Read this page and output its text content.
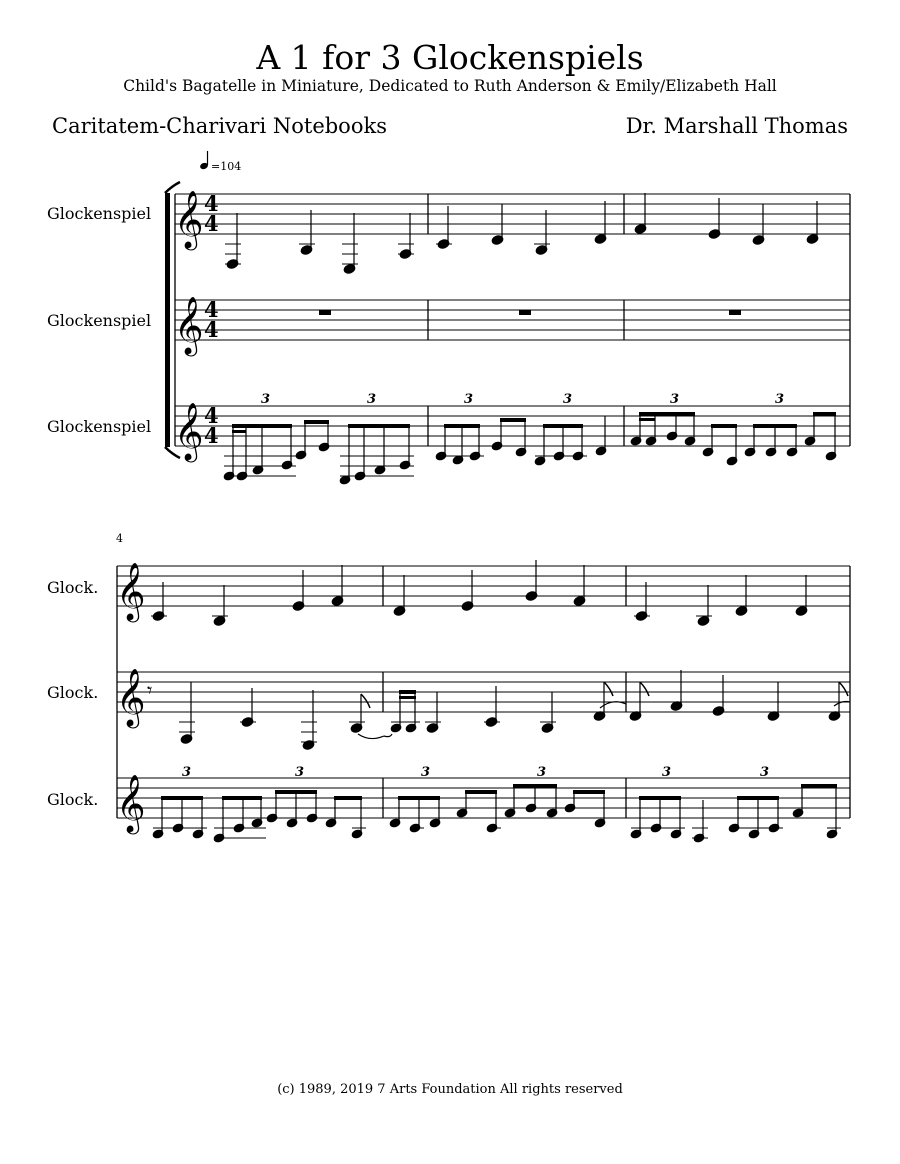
A 1 for 3 Glockenspiels
Child's Bagatelle in Miniature, Dedicated to Ruth Anderson & Emily/Elizabeth Hall
Caritatem-Charivari Notebooks	Dr. Marshall Thomas
=104
Glockenspiel
Glockenspiel
Glockenspiel
𝄞
𝄞
𝄞
4
4
4
4
4
4
3	3	3	3	3	3
4
Glock.
Glock.
Glock.
𝄞
𝄞
𝄞
𝄾
3	3	3	3	3	3
(c) 1989, 2019 7 Arts Foundation All rights reserved
